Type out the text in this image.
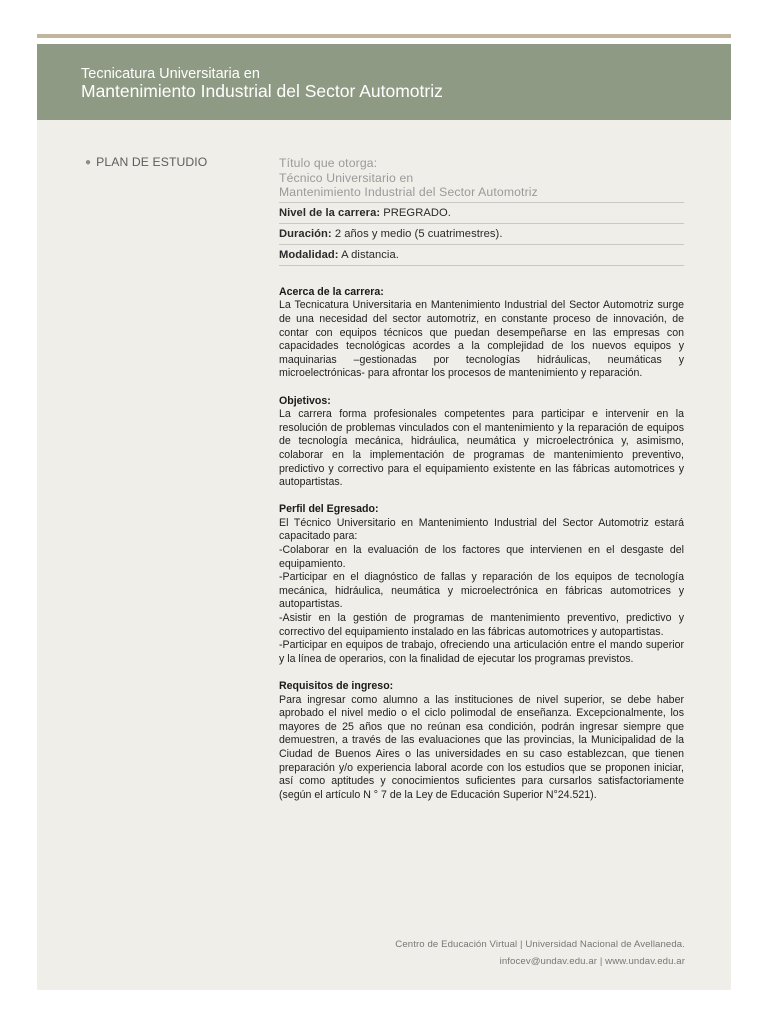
Tecnicatura Universitaria en
Mantenimiento Industrial del Sector Automotriz
● PLAN DE ESTUDIO	Título que otorga:
Técnico Universitario en
Mantenimiento Industrial del Sector Automotriz
Nivel de la carrera: PREGRADO.
Duración: 2 años y medio (5 cuatrimestres).
Modalidad: A distancia.
Acerca de la carrera:

La Tecnicatura Universitaria en Mantenimiento Industrial del Sector Automotriz surge de una necesidad del sector automotriz, en constante proceso de innovación, de contar con equipos técnicos que puedan desempeñarse en las empresas con capacidades tecnológicas acordes a la complejidad de los nuevos equipos y maquinarias –gestionadas por tecnologías hidráulicas, neumáticas y microelectrónicas- para afrontar los procesos de mantenimiento y reparación.

Objetivos:

La carrera forma profesionales competentes para participar e intervenir en la resolución de problemas vinculados con el mantenimiento y la reparación de equipos de tecnología mecánica, hidráulica, neumática y microelectrónica y, asimismo, colaborar en la implementación de programas de mantenimiento preventivo, predictivo y correctivo para el equipamiento existente en las fábricas automotrices y autopartistas.

Perfil del Egresado:

El Técnico Universitario en Mantenimiento Industrial del Sector Automotriz estará capacitado para:

-Colaborar en la evaluación de los factores que intervienen en el desgaste del equipamiento.

-Participar en el diagnóstico de fallas y reparación de los equipos de tecnología mecánica, hidráulica, neumática y microelectrónica en fábricas automotrices y autopartistas.

-Asistir en la gestión de programas de mantenimiento preventivo, predictivo y correctivo del equipamiento instalado en las fábricas automotrices y autopartistas.

-Participar en equipos de trabajo, ofreciendo una articulación entre el mando superior y la línea de operarios, con la finalidad de ejecutar los programas previstos.

Requisitos de ingreso:

Para ingresar como alumno a las instituciones de nivel superior, se debe haber aprobado el nivel medio o el ciclo polimodal de enseñanza. Excepcionalmente, los mayores de 25 años que no reúnan esa condición, podrán ingresar siempre que demuestren, a través de las evaluaciones que las provincias, la Municipalidad de la Ciudad de Buenos Aires o las universidades en su caso establezcan, que tienen preparación y/o experiencia laboral acorde con los estudios que se proponen iniciar, así como aptitudes y conocimientos suficientes para cursarlos satisfactoriamente (según el artículo N ° 7 de la Ley de Educación Superior N°24.521).

Centro de Educación Virtual | Universidad Nacional de Avellaneda.
infocev@undav.edu.ar | www.undav.edu.ar
